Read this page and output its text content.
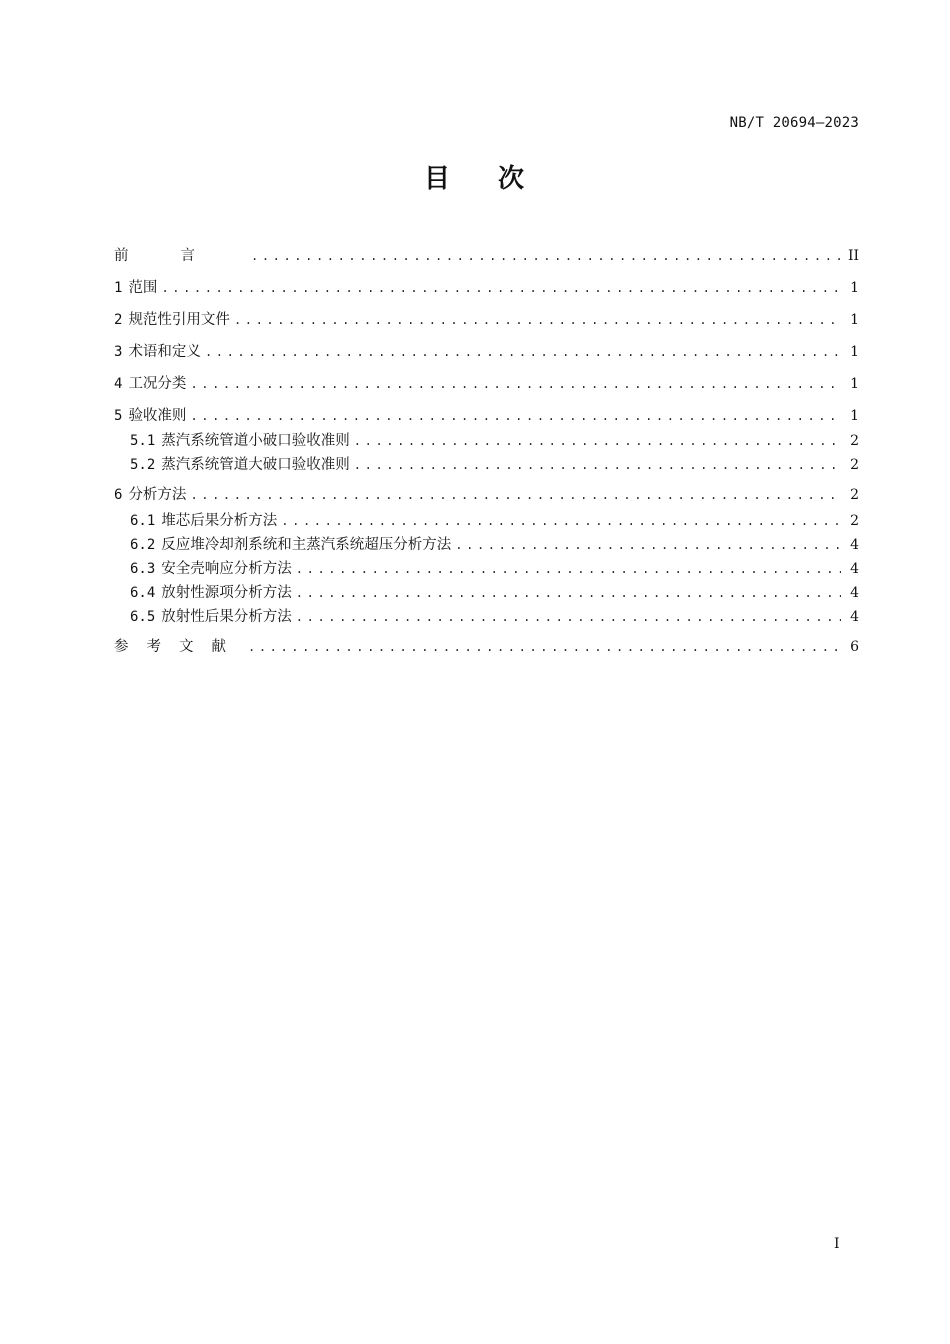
NB/T 20694—2023
目 次
前言 .....	II
1 范围 .....	1
2 规范性引用文件 .....	1
3 术语和定义 .....	1
4 工况分类 .....	1
5 验收准则 .....	1
5.1 蒸汽系统管道小破口验收准则 .....	2
5.2 蒸汽系统管道大破口验收准则 .....	2
6 分析方法 .....	2
6.1 堆芯后果分析方法 .....	2
6.2 反应堆冷却剂系统和主蒸汽系统超压分析方法 .....	4
6.3 安全壳响应分析方法 .....	4
6.4 放射性源项分析方法 .....	4
6.5 放射性后果分析方法 .....	4
参考文献 .....	6
I
